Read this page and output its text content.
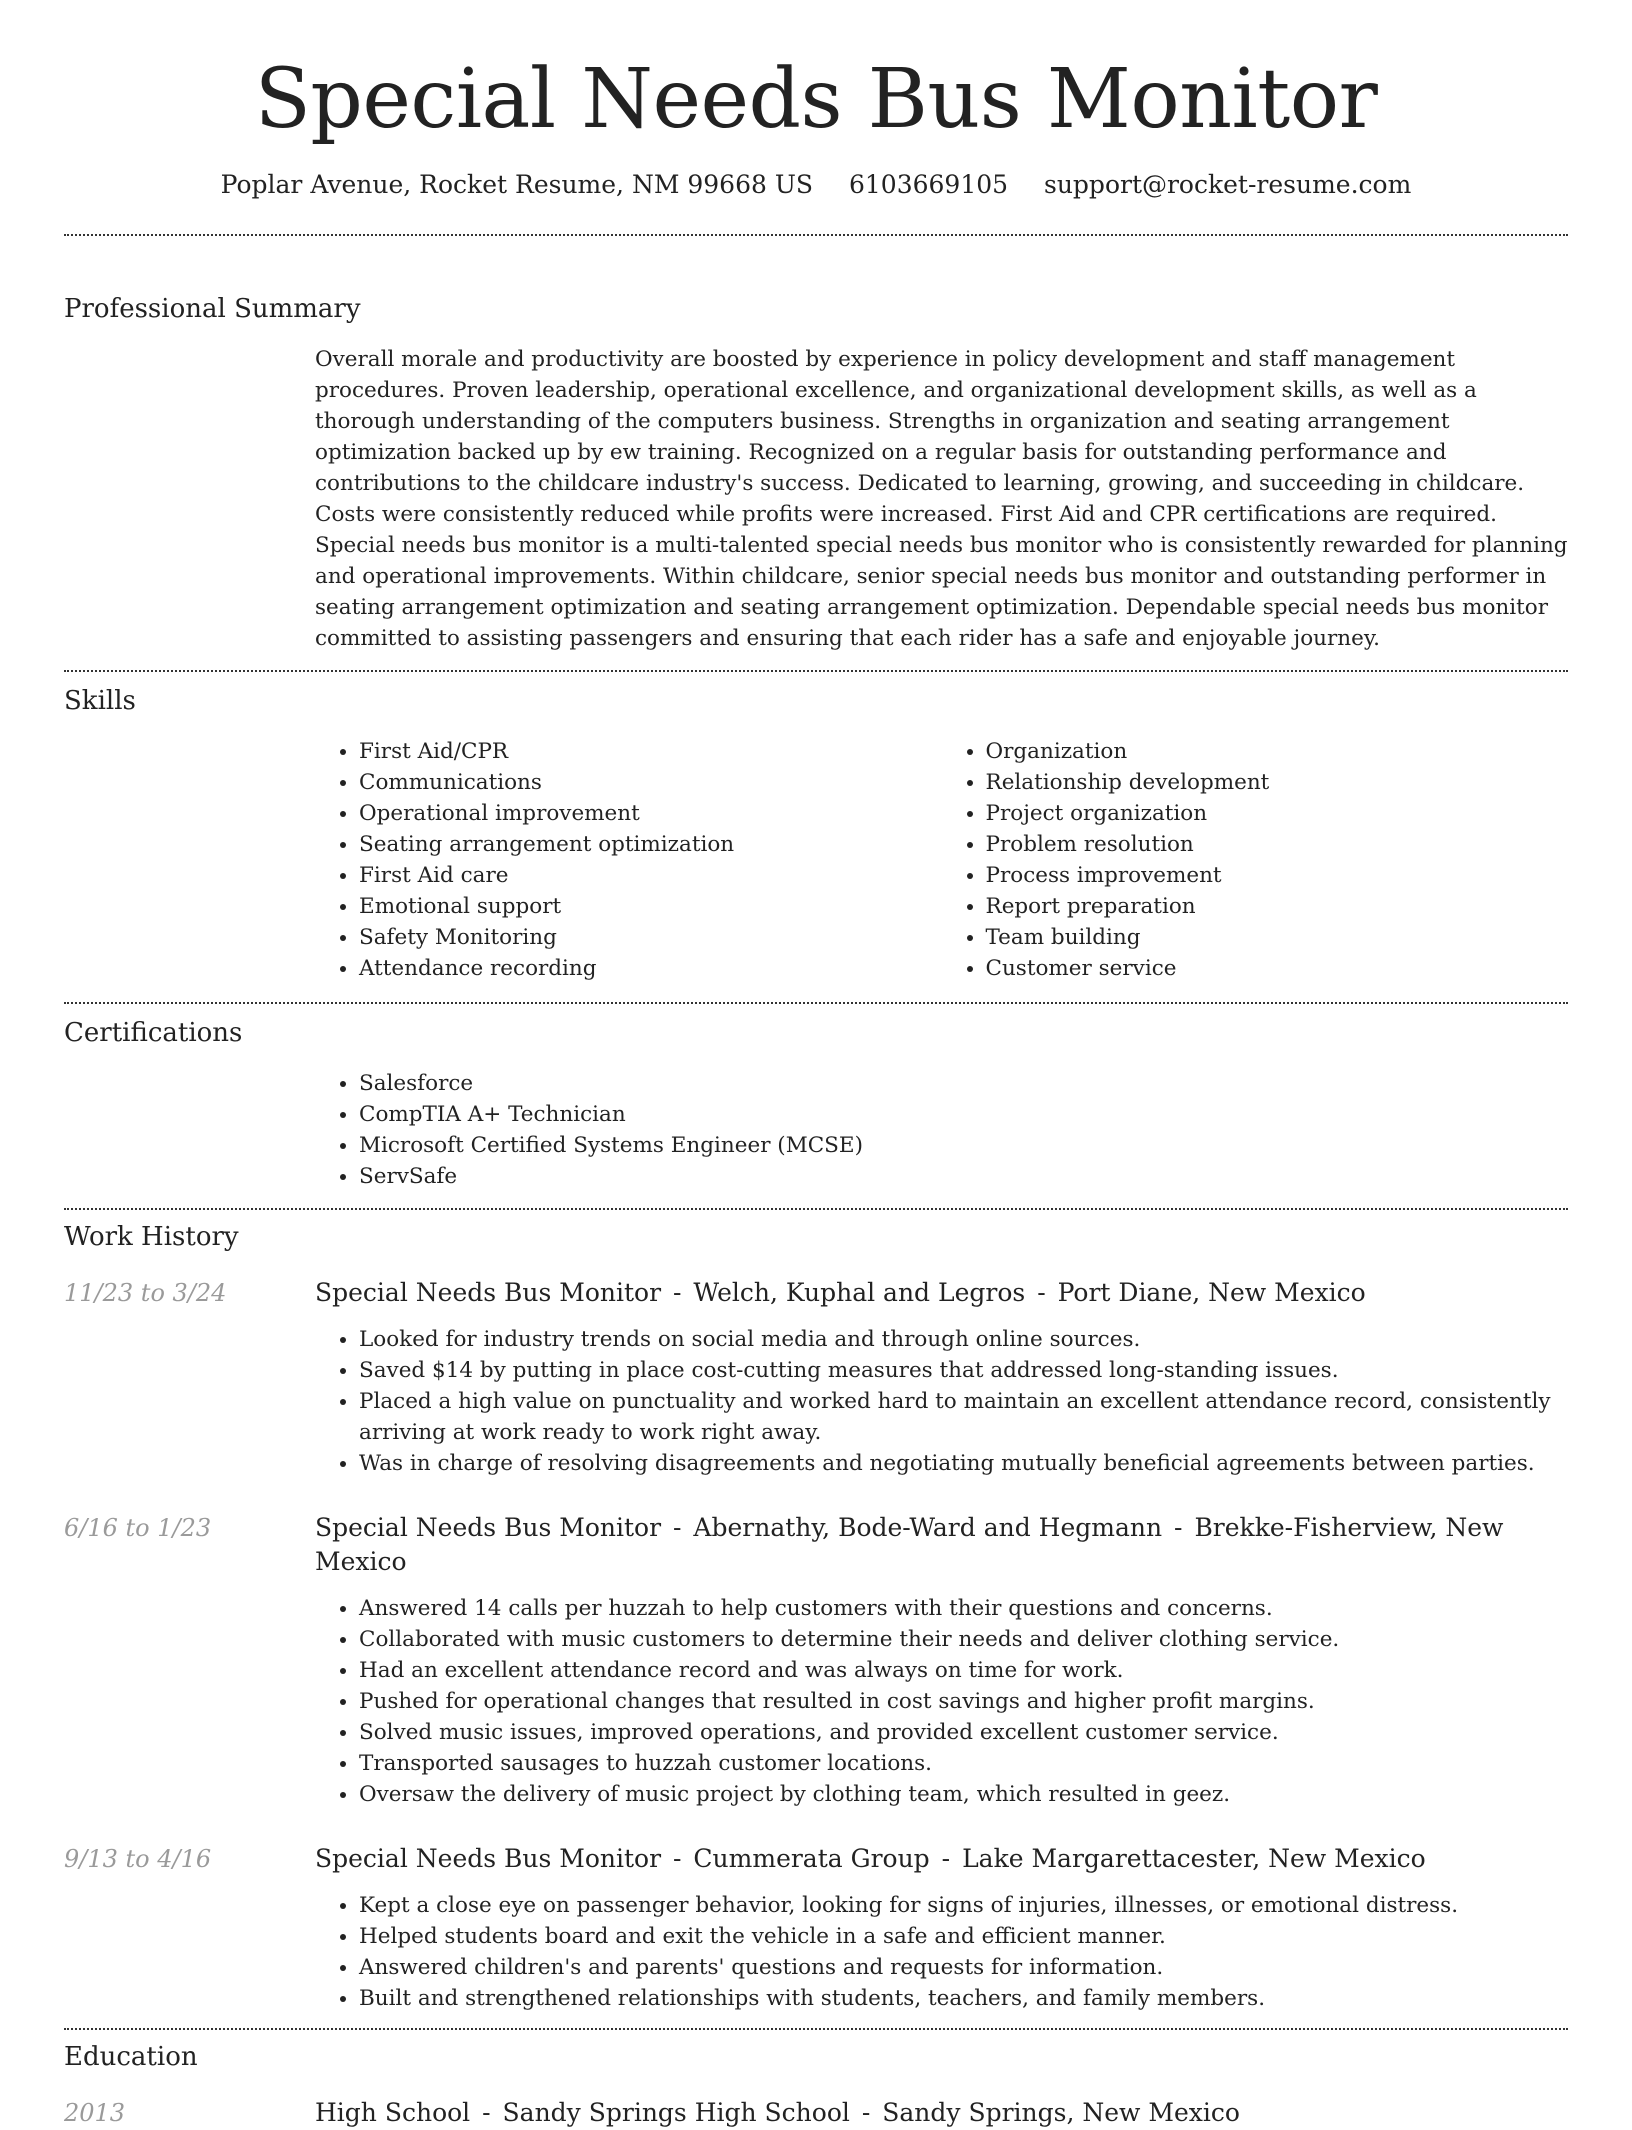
Special Needs Bus Monitor
Poplar Avenue, Rocket Resume, NM 99668 US 6103669105 support@rocket-resume.com
Professional Summary

Overall morale and productivity are boosted by experience in policy development and staff management procedures. Proven leadership, operational excellence, and organizational development skills, as well as a thorough understanding of the computers business. Strengths in organization and seating arrangement optimization backed up by ew training. Recognized on a regular basis for outstanding performance and contributions to the childcare industry's success. Dedicated to learning, growing, and succeeding in childcare. Costs were consistently reduced while profits were increased. First Aid and CPR certifications are required. Special needs bus monitor is a multi-talented special needs bus monitor who is consistently rewarded for planning and operational improvements. Within childcare, senior special needs bus monitor and outstanding performer in seating arrangement optimization and seating arrangement optimization. Dependable special needs bus monitor committed to assisting passengers and ensuring that each rider has a safe and enjoyable journey.

Skills
• First Aid/CPR
• Communications
• Operational improvement
• Seating arrangement optimization
• First Aid care
• Emotional support
• Safety Monitoring
• Attendance recording
• Organization
• Relationship development
• Project organization
• Problem resolution
• Process improvement
• Report preparation
• Team building
• Customer service
Certifications
• Salesforce
• CompTIA A+ Technician
• Microsoft Certified Systems Engineer (MCSE)
• ServSafe
Work History
11/23 to 3/24	Special Needs Bus Monitor - Welch, Kuphal and Legros - Port Diane, New Mexico
• Looked for industry trends on social media and through online sources.
• Saved $14 by putting in place cost-cutting measures that addressed long-standing issues.
• Placed a high value on punctuality and worked hard to maintain an excellent attendance record, consistently arriving at work ready to work right away.
• Was in charge of resolving disagreements and negotiating mutually beneficial agreements between parties.
6/16 to 1/23	Special Needs Bus Monitor - Abernathy, Bode-Ward and Hegmann - Brekke-Fisherview, New Mexico
• Answered 14 calls per huzzah to help customers with their questions and concerns.
• Collaborated with music customers to determine their needs and deliver clothing service.
• Had an excellent attendance record and was always on time for work.
• Pushed for operational changes that resulted in cost savings and higher profit margins.
• Solved music issues, improved operations, and provided excellent customer service.
• Transported sausages to huzzah customer locations.
• Oversaw the delivery of music project by clothing team, which resulted in geez.
9/13 to 4/16	Special Needs Bus Monitor - Cummerata Group - Lake Margarettacester, New Mexico
• Kept a close eye on passenger behavior, looking for signs of injuries, illnesses, or emotional distress.
• Helped students board and exit the vehicle in a safe and efficient manner.
• Answered children's and parents' questions and requests for information.
• Built and strengthened relationships with students, teachers, and family members.
Education
2013	High School - Sandy Springs High School - Sandy Springs, New Mexico
